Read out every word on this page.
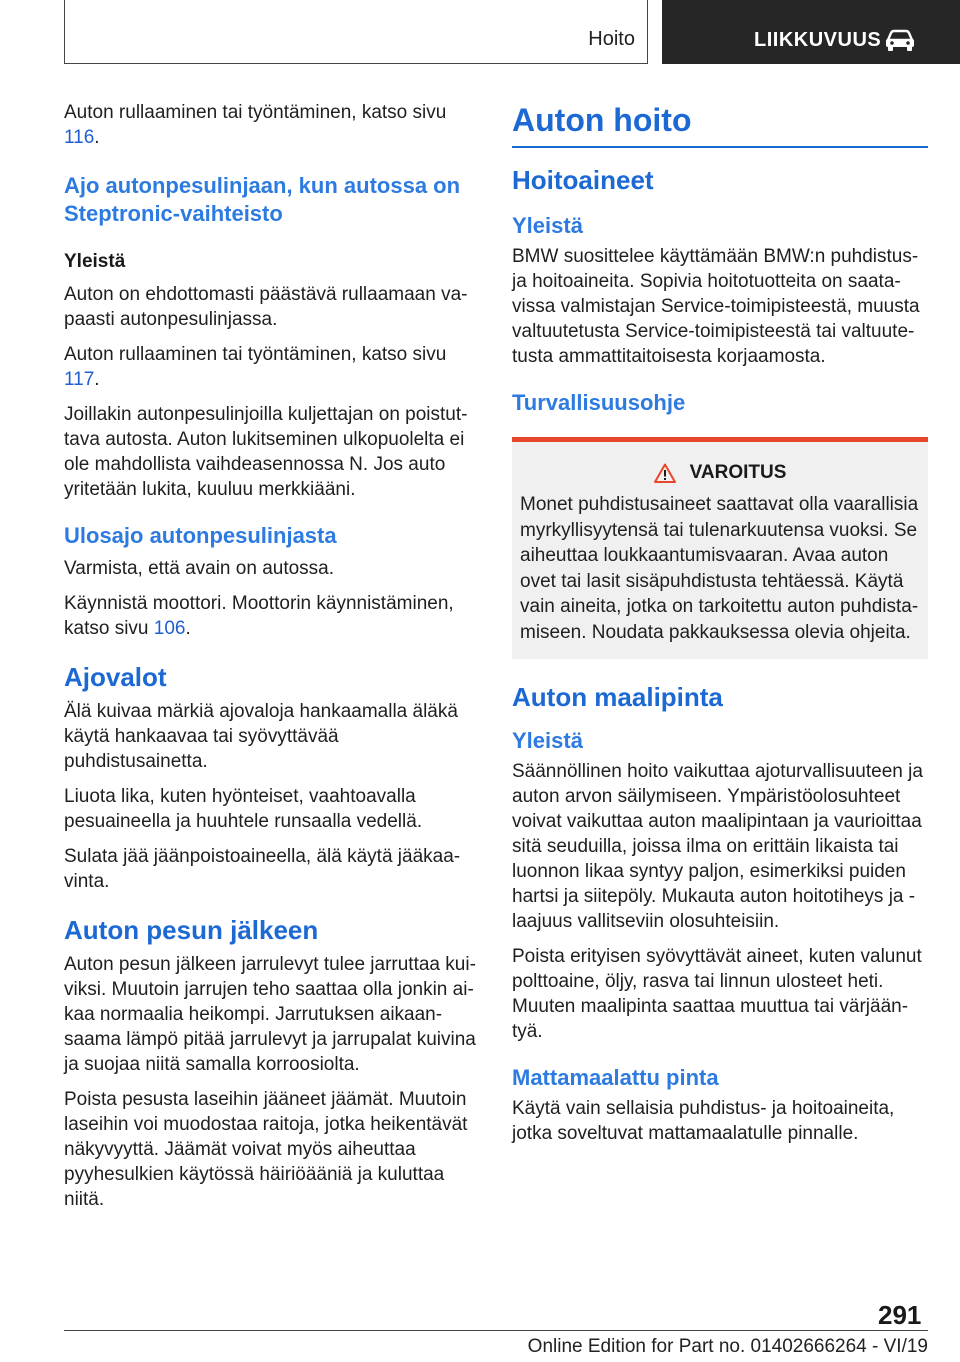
Hoito	LIIKKUVUUS

Auton rullaaminen tai työntäminen, katso sivu 116.

Ajo autonpesulinjaan, kun autossa on Steptronic-vaihteisto
Yleistä

Auton on ehdottomasti päästävä rullaamaan vapaasti autonpesulinjassa.

Auton rullaaminen tai työntäminen, katso sivu 117.

Joillakin autonpesulinjoilla kuljettajan on poistuttava autosta. Auton lukitseminen ulkopuolelta ei ole mahdollista vaihdeasennossa N. Jos auto yritetään lukita, kuuluu merkkiääni.

Ulosajo autonpesulinjasta

Varmista, että avain on autossa.

Käynnistä moottori. Moottorin käynnistäminen, katso sivu 106.

Ajovalot

Älä kuivaa märkiä ajovaloja hankaamalla äläkä käytä hankaavaa tai syövyttävää puhdistusainetta.

Liuota lika, kuten hyönteiset, vaahtoavalla pesuaineella ja huuhtele runsaalla vedellä.

Sulata jää jäänpoistoaineella, älä käytä jääkaavinta.

Auton pesun jälkeen

Auton pesun jälkeen jarrulevyt tulee jarruttaa kuiviksi. Muutoin jarrujen teho saattaa olla jonkin aikaa normaalia heikompi. Jarrutuksen aikaansaama lämpö pitää jarrulevyt ja jarrupalat kuivina ja suojaa niitä samalla korroosiolta.

Poista pesusta laseihin jääneet jäämät. Muutoin laseihin voi muodostaa raitoja, jotka heikentävät näkyvyyttä. Jäämät voivat myös aiheuttaa pyyhesulkien käytössä häiriöääniä ja kuluttaa niitä.

Auton hoito
Hoitoaineet
Yleistä

BMW suosittelee käyttämään BMW:n puhdistus- ja hoitoaineita. Sopivia hoitotuotteita on saatavissa valmistajan Service-toimipisteestä, muusta valtuutetusta Service-toimipisteestä tai valtuutetusta ammattitaitoisesta korjaamosta.

Turvallisuusohje
VAROITUS

Monet puhdistusaineet saattavat olla vaarallisia myrkyllisyytensä tai tulenarkuutensa vuoksi. Se aiheuttaa loukkaantumisvaaran. Avaa auton ovet tai lasit sisäpuhdistusta tehtäessä. Käytä vain aineita, jotka on tarkoitettu auton puhdistamiseen. Noudata pakkauksessa olevia ohjeita.

Auton maalipinta
Yleistä

Säännöllinen hoito vaikuttaa ajoturvallisuuteen ja auton arvon säilymiseen. Ympäristöolosuhteet voivat vaikuttaa auton maalipintaan ja vaurioittaa sitä seuduilla, joissa ilma on erittäin likaista tai luonnon likaa syntyy paljon, esimerkiksi puiden hartsi ja siitepöly. Mukauta auton hoitotiheys ja -laajuus vallitseviin olosuhteisiin.

Poista erityisen syövyttävät aineet, kuten valunut polttoaine, öljy, rasva tai linnun ulosteet heti. Muuten maalipinta saattaa muuttua tai värjääntyä.

Mattamaalattu pinta

Käytä vain sellaisia puhdistus- ja hoitoaineita, jotka soveltuvat mattamaalatulle pinnalle.

291
Online Edition for Part no. 01402666264 - VI/19
